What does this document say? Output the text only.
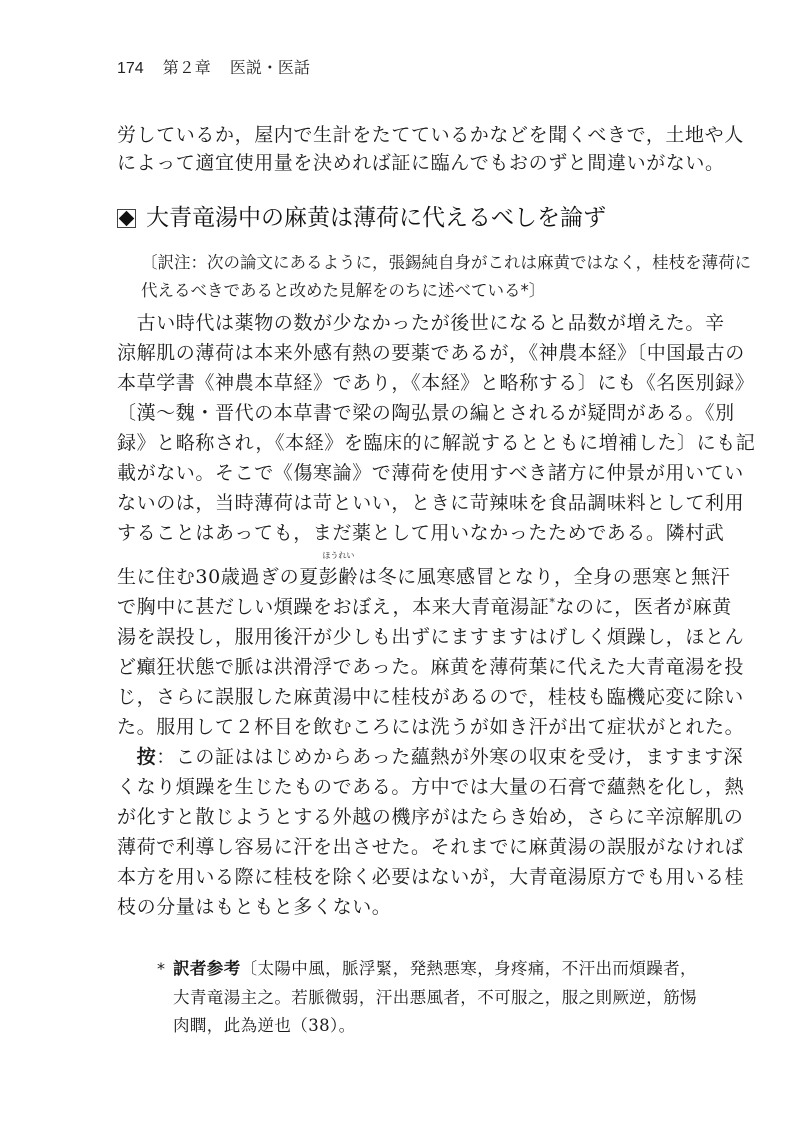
174 第２章 医説・医話
労しているか，屋内で生計をたてているかなどを聞くべきで，土地や人
によって適宜使用量を決めれば証に臨んでもおのずと間違いがない。
大青竜湯中の麻黄は薄荷に代えるべしを論ず
〔訳注：次の論文にあるように，張錫純自身がこれは麻黄ではなく，桂枝を薄荷に
代えるべきであると改めた見解をのちに述べている*〕
　古い時代は薬物の数が少なかったが後世になると品数が増えた。辛
涼解肌の薄荷は本来外感有熱の要薬であるが，《神農本経》〔中国最古の
本草学書《神農本草経》であり，《本経》と略称する〕にも《名医別録》
〔漢～魏・晋代の本草書で梁の陶弘景の編とされるが疑問がある。《別
録》と略称され，《本経》を臨床的に解説するとともに増補した〕にも記
載がない。そこで《傷寒論》で薄荷を使用すべき諸方に仲景が用いてい
ないのは，当時薄荷は苛といい，ときに苛辣味を食品調味料として利用
することはあっても，まだ薬として用いなかったためである。隣村武
生に住む30歳過ぎの夏
ほうれい
彭齢は冬に風寒感冒となり，全身の悪寒と無汗
で胸中に甚だしい煩躁をおぼえ，本来大青竜湯証*なのに，医者が麻黄
湯を誤投し，服用後汗が少しも出ずにますますはげしく煩躁し，ほとん
ど癲狂状態で脈は洪滑浮であった。麻黄を薄荷葉に代えた大青竜湯を投
じ，さらに誤服した麻黄湯中に桂枝があるので，桂枝も臨機応変に除い
た。服用して２杯目を飲むころには洗うが如き汗が出て症状がとれた。
　按：この証ははじめからあった蘊熱が外寒の収束を受け，ますます深
くなり煩躁を生じたものである。方中では大量の石膏で蘊熱を化し，熱
が化すと散じようとする外越の機序がはたらき始め，さらに辛涼解肌の
薄荷で利導し容易に汗を出させた。それまでに麻黄湯の誤服がなければ
本方を用いる際に桂枝を除く必要はないが，大青竜湯原方でも用いる桂
枝の分量はもともと多くない。
* 訳者参考〔太陽中風，脈浮緊，発熱悪寒，身疼痛，不汗出而煩躁者，
大青竜湯主之。若脈微弱，汗出悪風者，不可服之，服之則厥逆，筋惕
肉瞤，此為逆也（38）。
